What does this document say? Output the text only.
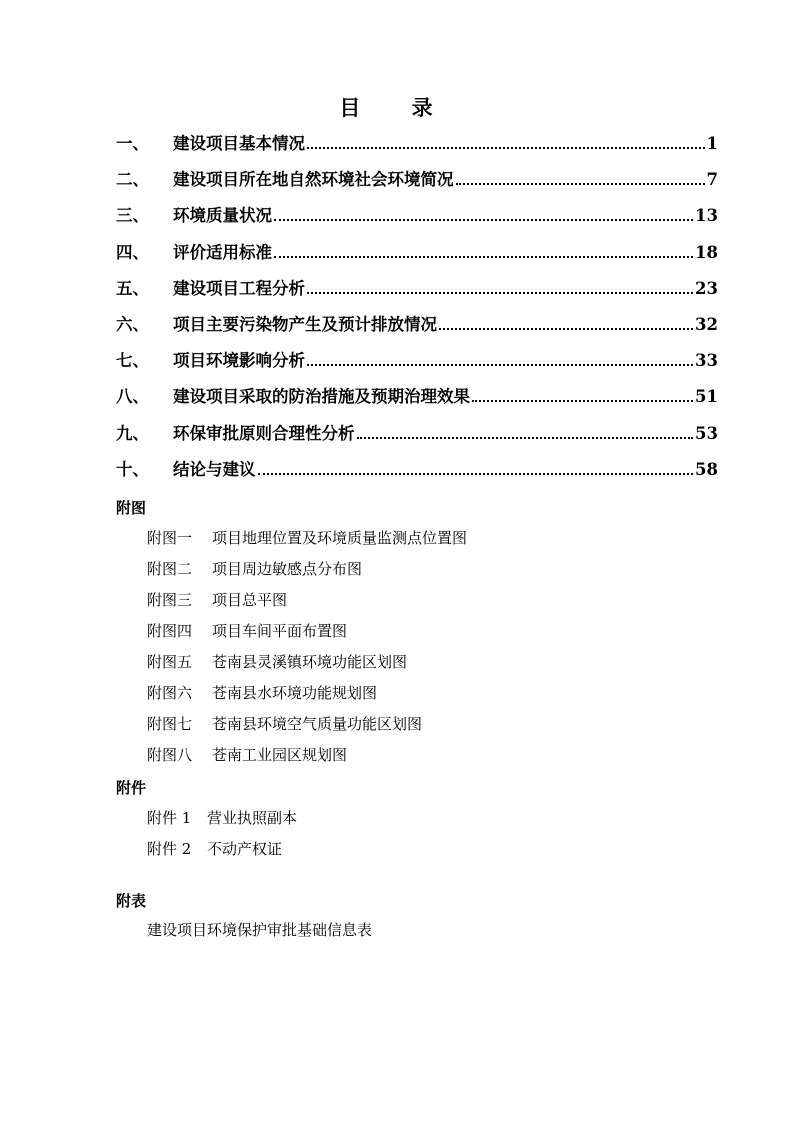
目 录
一、	建设项目基本情况	1
二、	建设项目所在地自然环境社会环境简况	7
三、	环境质量状况	13
四、	评价适用标准	18
五、	建设项目工程分析	23
六、	项目主要污染物产生及预计排放情况	32
七、	项目环境影响分析	33
八、	建设项目采取的防治措施及预期治理效果	51
九、	环保审批原则合理性分析	53
十、	结论与建议	58
附图
附图一 项目地理位置及环境质量监测点位置图
附图二 项目周边敏感点分布图
附图三 项目总平图
附图四 项目车间平面布置图
附图五 苍南县灵溪镇环境功能区划图
附图六 苍南县水环境功能规划图
附图七 苍南县环境空气质量功能区划图
附图八 苍南工业园区规划图
附件
附件 1 营业执照副本
附件 2 不动产权证
附表
建设项目环境保护审批基础信息表
